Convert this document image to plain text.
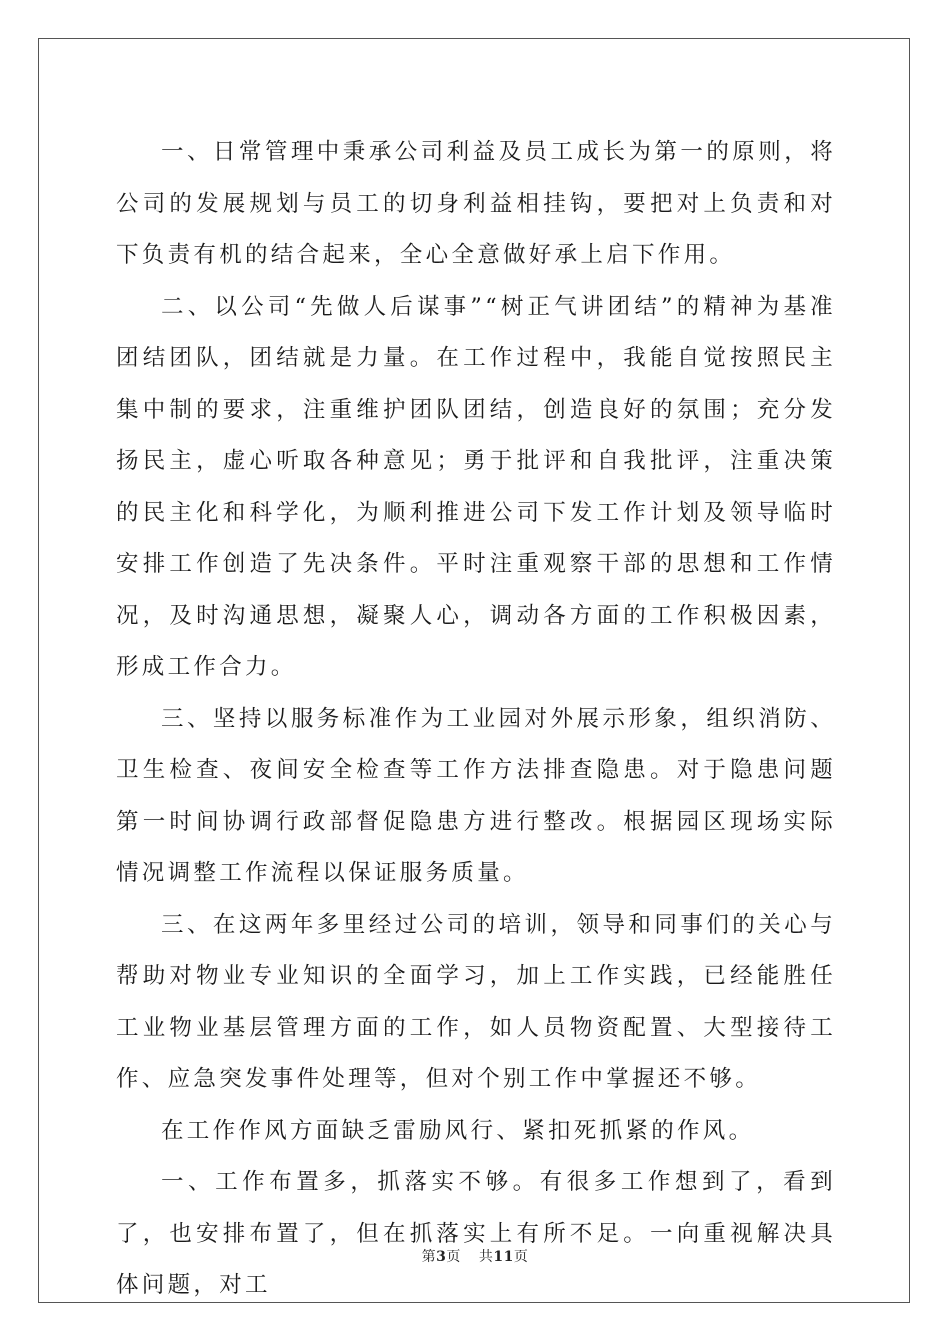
一、日常管理中秉承公司利益及员工成长为第一的原则，将公司的发展规划与员工的切身利益相挂钩，要把对上负责和对下负责有机的结合起来，全心全意做好承上启下作用。

二、以公司“先做人后谋事”“树正气讲团结”的精神为基准团结团队，团结就是力量。在工作过程中，我能自觉按照民主集中制的要求，注重维护团队团结，创造良好的氛围；充分发扬民主，虚心听取各种意见；勇于批评和自我批评，注重决策的民主化和科学化，为顺利推进公司下发工作计划及领导临时安排工作创造了先决条件。平时注重观察干部的思想和工作情况，及时沟通思想，凝聚人心，调动各方面的工作积极因素，形成工作合力。

三、坚持以服务标准作为工业园对外展示形象，组织消防、卫生检查、夜间安全检查等工作方法排查隐患。对于隐患问题第一时间协调行政部督促隐患方进行整改。根据园区现场实际情况调整工作流程以保证服务质量。

三、在这两年多里经过公司的培训，领导和同事们的关心与帮助对物业专业知识的全面学习，加上工作实践，已经能胜任工业物业基层管理方面的工作，如人员物资配置、大型接待工作、应急突发事件处理等，但对个别工作中掌握还不够。

在工作作风方面缺乏雷励风行、紧扣死抓紧的作风。

一、工作布置多，抓落实不够。有很多工作想到了，看到了，也安排布置了，但在抓落实上有所不足。一向重视解决具体问题，对工

第3页 共11页
